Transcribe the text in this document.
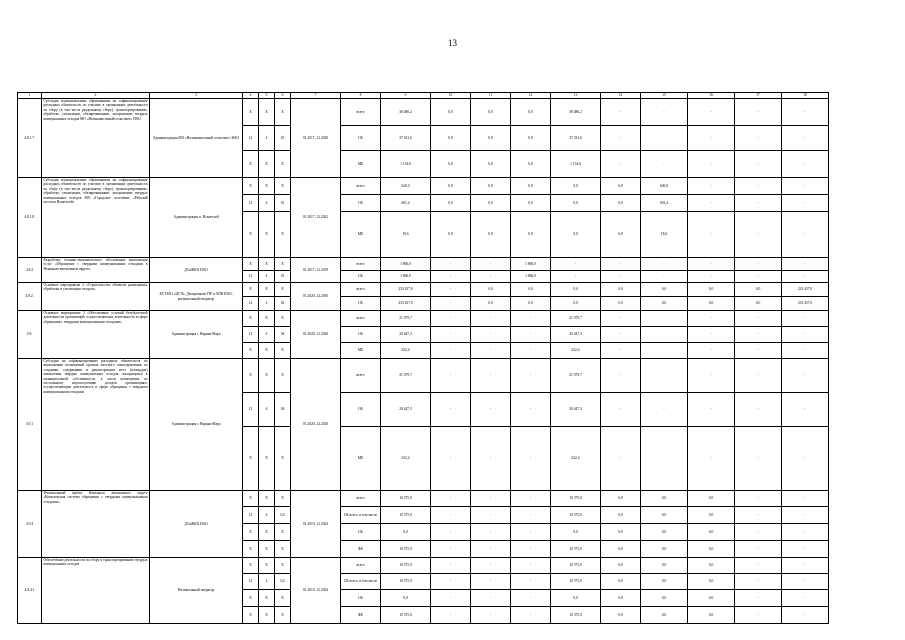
13
1	2	3	4	5	6	7	8	9	10	11	12	13	14	15	16	17	18
4.8.1.7.	Субсидии муниципальным образованиям на софинансирование расходных обязательств по участию в организации деятельности по сбору (в том числе раздельному сбору), транспортированию, обработке, утилизации, обезвреживанию, захоронению твердых коммунальных отходов МО «Великовисочный сельсовет» НАО	Администрация МО «Великовисочный сельсовет» НАО	Х	Х	Х	01.2017–12.2020	всего	38 486,2	0,0	0,0	0,0	38 486,2	-	-	-	-	-
			12	4	01		ОБ	37 331,6	0,0	0,0	0,0	37 331,6	-	-	-	-	-
			Х	Х	Х		МБ	1 154,6	0,0	0,0	0,0	1 154,6	-	-	-	-	-
4.8.1.8.	Субсидии муниципальным образованиям на софинансирование расходных обязательств по участию в организации деятельности по сбору (в том числе раздельному сбору), транспортированию, обработке, утилизации, обезвреживанию, захоронению твердых коммунальных отходов МО «Городское поселение «Рабочий поселок Искателей»	Администрация п. Искателей	Х	Х	Х	01.2017–12.2022	всего	620,0	0,0	0,0	0,0	0,0	0,0	620,0	-	-	-
			12	4	01		ОБ	601,4	0,0	0,0	0,0	0,0	0,0	601,4	-	-	-
			Х	Х	Х		МБ	18,6	0,0	0,0	0,0	0,0	0,0	18,6	-	-	-
4.8.2	Разработка технико-экономического обоснования выполнения услуг «Обращение с твердыми коммунальными отходами в Ненецком автономном округе»	ДСиЖКХ НАО	Х	Х	Х	01.2017–12.2019	всего	1 860,0	-	-	1 860,0	-	-	-	-	-	-
			12	4	01		ОБ	1 860,0	-	-	1 860,0	-	-	-	-	-	-
4.8.2.	Основное мероприятие 2 «Строительство объектов размещения, обработки и утилизации отходов»	КУ НАО «ЦСЧ», Департамент ПР и АПК НАО, региональный оператор	Х	Х	Х	01.2020–12.2030	всего	233 437,0	-	0,0	0,0	0,0	0,0	0,0	0,0	0,0	233 437,0
			12	4	02		ОБ	233 437,0	-	0,0	0,0	0,0	0,0	0,0	0,0	0,0	233 437,0
4.9.	Основное мероприятие 3 «Обеспечение условий безубыточной деятельности организаций, осуществляющих деятельность в сфере обращения с твердыми коммунальными отходами»	Администрация г. Нарьян-Мара	Х	Х	Х	01.2020–12.2020	всего	21 079,7	-	-	-	21 079,7	-	-	-	-	-
			12	4	04		ОБ	20 447,3	-	-	-	20 447,3	-	-	-	-	-
			Х	Х	Х		МБ	632,4	-	-	-	632,4	-	-	-	-	-
4.9.1	Субсидии на софинансирование расходных обязательств по выполнению полномочий органов местного самоуправления по созданию, содержанию и реконструкции мест (площадок) накопления твердых коммунальных отходов, находящихся в муниципальной собственности, в части возмещения по постоянному недополучению доходов организациям, осуществляющим деятельность в сфере обращения с твердыми коммунальными отходами	Администрация г. Нарьян-Мара	Х	Х	Х	01.2020–12.2020	всего	21 079,7	-	-	-	21 079,7	-	-	-	-	-
			12	4	04		ОБ	20 447,3	-	-	-	20 447,3	-	-	-	-	-
			Х	Х	Х		МБ	632,4	-	-	-	632,4	-	-	-	-	-
4.9.4	Региональный проект Ненецкого автономного округа «Комплексная система обращения с твердыми коммунальными отходами»	ДСиЖКХ НАО	Х	Х	Х	01.2019–12.2024	всего	10 375,0	-	-	-	10 375,0	0,0	0,0	0,0	-	-
			12	4	G2		ОБ всего, в том числе	10 375,0	-	-	-	10 375,0	0,0	0,0	0,0	-	-
			Х	Х	Х		ОБ	0,0	-	-	-	0,0	0,0	0,0	0,0	-	-
			Х	Х	Х		ФБ	10 375,0	-	-	-	10 375,0	0,0	0,0	0,0	-	-
4.9.4.1	Обеспечение деятельности по сбору и транспортированию твердых коммунальных отходов	Региональный оператор	Х	Х	Х	01.2019–12.2024	всего	10 375,0	-	-	-	10 375,0	0,0	0,0	0,0	-	-
			12	4	G2		ОБ всего, в том числе	10 375,0	-	-	-	10 375,0	0,0	0,0	0,0	-	-
			Х	Х	Х		ОБ	0,0	-	-	-	0,0	0,0	0,0	0,0	-	-
			Х	Х	Х		ФБ	10 375,0	-	-	-	10 375,0	0,0	0,0	0,0	-	-
